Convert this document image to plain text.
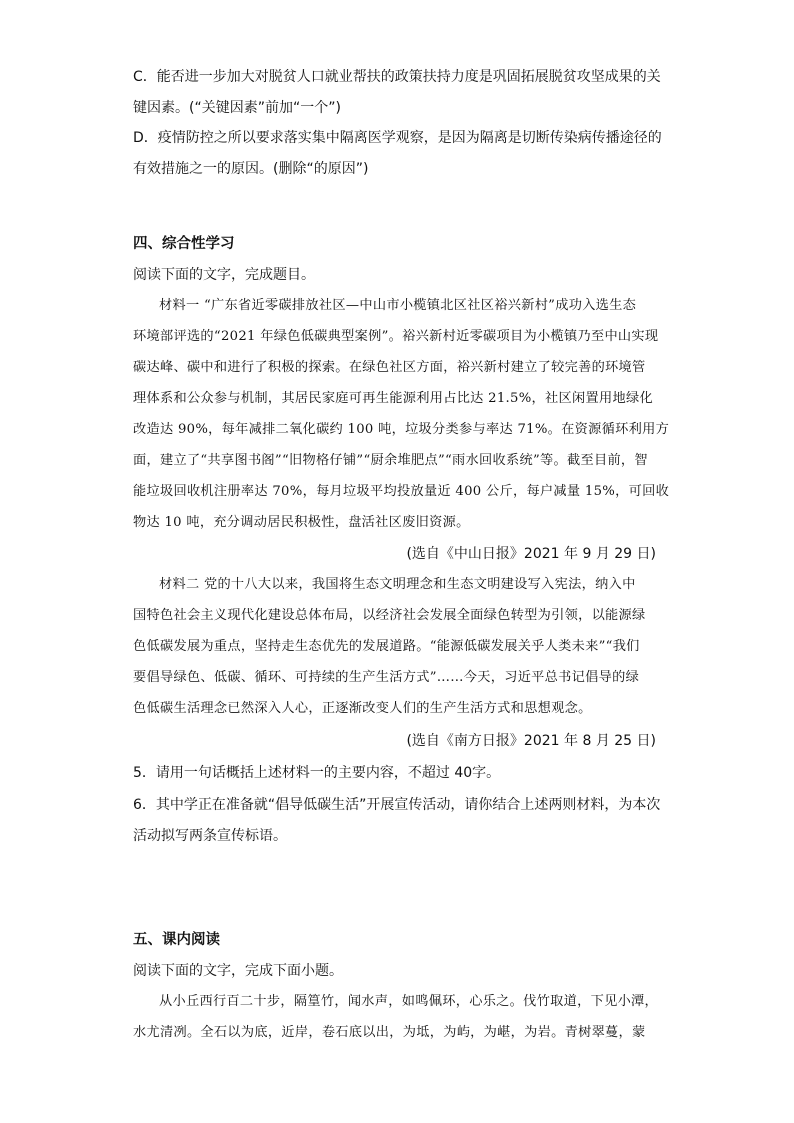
C．能否进一步加大对脱贫人口就业帮扶的政策扶持力度是巩固拓展脱贫攻坚成果的关
键因素。(“关键因素”前加“一个”)
D．疫情防控之所以要求落实集中隔离医学观察，是因为隔离是切断传染病传播途径的
有效措施之一的原因。(删除“的原因”)
四、综合性学习
阅读下面的文字，完成题目。
材料一 “广东省近零碳排放社区—中山市小榄镇北区社区裕兴新村”成功入选生态
环境部评选的“2021 年绿色低碳典型案例”。裕兴新村近零碳项目为小榄镇乃至中山实现
碳达峰、碳中和进行了积极的探索。在绿色社区方面，裕兴新村建立了较完善的环境管
理体系和公众参与机制，其居民家庭可再生能源利用占比达 21.5%，社区闲置用地绿化
改造达 90%，每年减排二氧化碳约 100 吨，垃圾分类参与率达 71%。在资源循环利用方
面，建立了“共享图书阁”“旧物格仔铺”“厨余堆肥点”“雨水回收系统”等。截至目前，智
能垃圾回收机注册率达 70%，每月垃圾平均投放量近 400 公斤，每户减量 15%，可回收
物达 10 吨，充分调动居民积极性，盘活社区废旧资源。
(选自《中山日报》2021 年 9 月 29 日)
材料二 党的十八大以来，我国将生态文明理念和生态文明建设写入宪法，纳入中
国特色社会主义现代化建设总体布局，以经济社会发展全面绿色转型为引领，以能源绿
色低碳发展为重点，坚持走生态优先的发展道路。“能源低碳发展关乎人类未来”“我们
要倡导绿色、低碳、循环、可持续的生产生活方式”……今天，习近平总书记倡导的绿
色低碳生活理念已然深入人心，正逐渐改变人们的生产生活方式和思想观念。
(选自《南方日报》2021 年 8 月 25 日)
5．请用一句话概括上述材料一的主要内容，不超过 40字。
6．其中学正在准备就“倡导低碳生活”开展宣传活动，请你结合上述两则材料，为本次
活动拟写两条宣传标语。
五、课内阅读
阅读下面的文字，完成下面小题。
从小丘西行百二十步，隔篁竹，闻水声，如鸣佩环，心乐之。伐竹取道，下见小潭，
水尤清冽。全石以为底，近岸，卷石底以出，为坻，为屿，为嵁，为岩。青树翠蔓，蒙
